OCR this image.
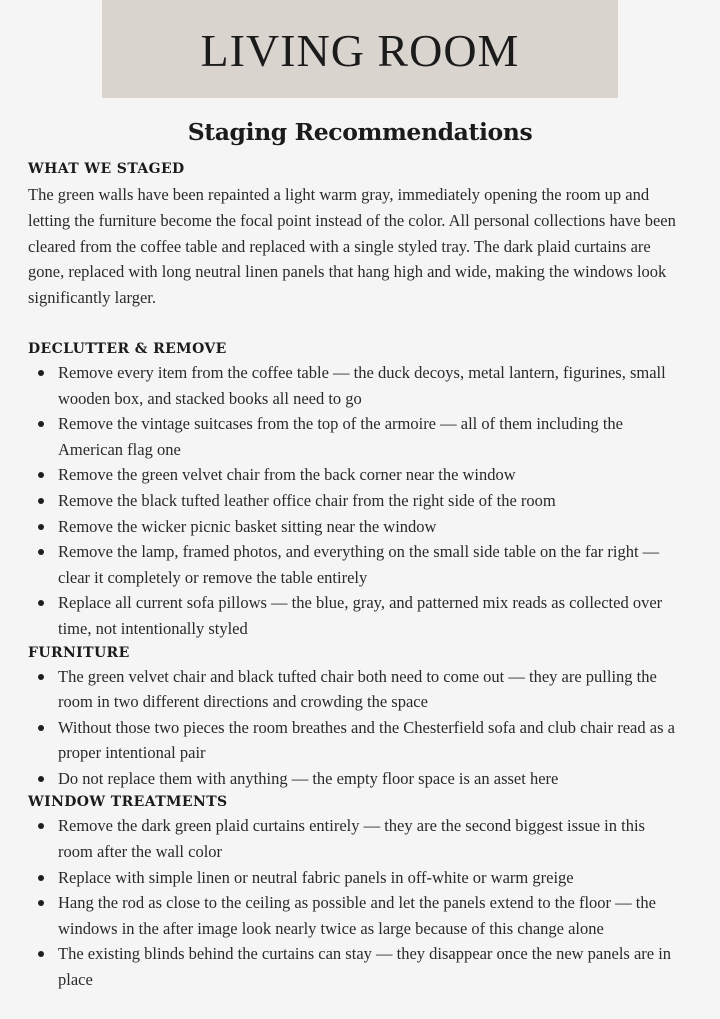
LIVING ROOM
Staging Recommendations
WHAT WE STAGED

The green walls have been repainted a light warm gray, immediately opening the room up and letting the furniture become the focal point instead of the color. All personal collections have been cleared from the coffee table and replaced with a single styled tray. The dark plaid curtains are gone, replaced with long neutral linen panels that hang high and wide, making the windows look significantly larger.

DECLUTTER & REMOVE
Remove every item from the coffee table — the duck decoys, metal lantern, figurines, small wooden box, and stacked books all need to go
Remove the vintage suitcases from the top of the armoire — all of them including the American flag one
Remove the green velvet chair from the back corner near the window
Remove the black tufted leather office chair from the right side of the room
Remove the wicker picnic basket sitting near the window
Remove the lamp, framed photos, and everything on the small side table on the far right — clear it completely or remove the table entirely
Replace all current sofa pillows — the blue, gray, and patterned mix reads as collected over time, not intentionally styled
FURNITURE
The green velvet chair and black tufted chair both need to come out — they are pulling the room in two different directions and crowding the space
Without those two pieces the room breathes and the Chesterfield sofa and club chair read as a proper intentional pair
Do not replace them with anything — the empty floor space is an asset here
WINDOW TREATMENTS
Remove the dark green plaid curtains entirely — they are the second biggest issue in this room after the wall color
Replace with simple linen or neutral fabric panels in off-white or warm greige
Hang the rod as close to the ceiling as possible and let the panels extend to the floor — the windows in the after image look nearly twice as large because of this change alone
The existing blinds behind the curtains can stay — they disappear once the new panels are in place
